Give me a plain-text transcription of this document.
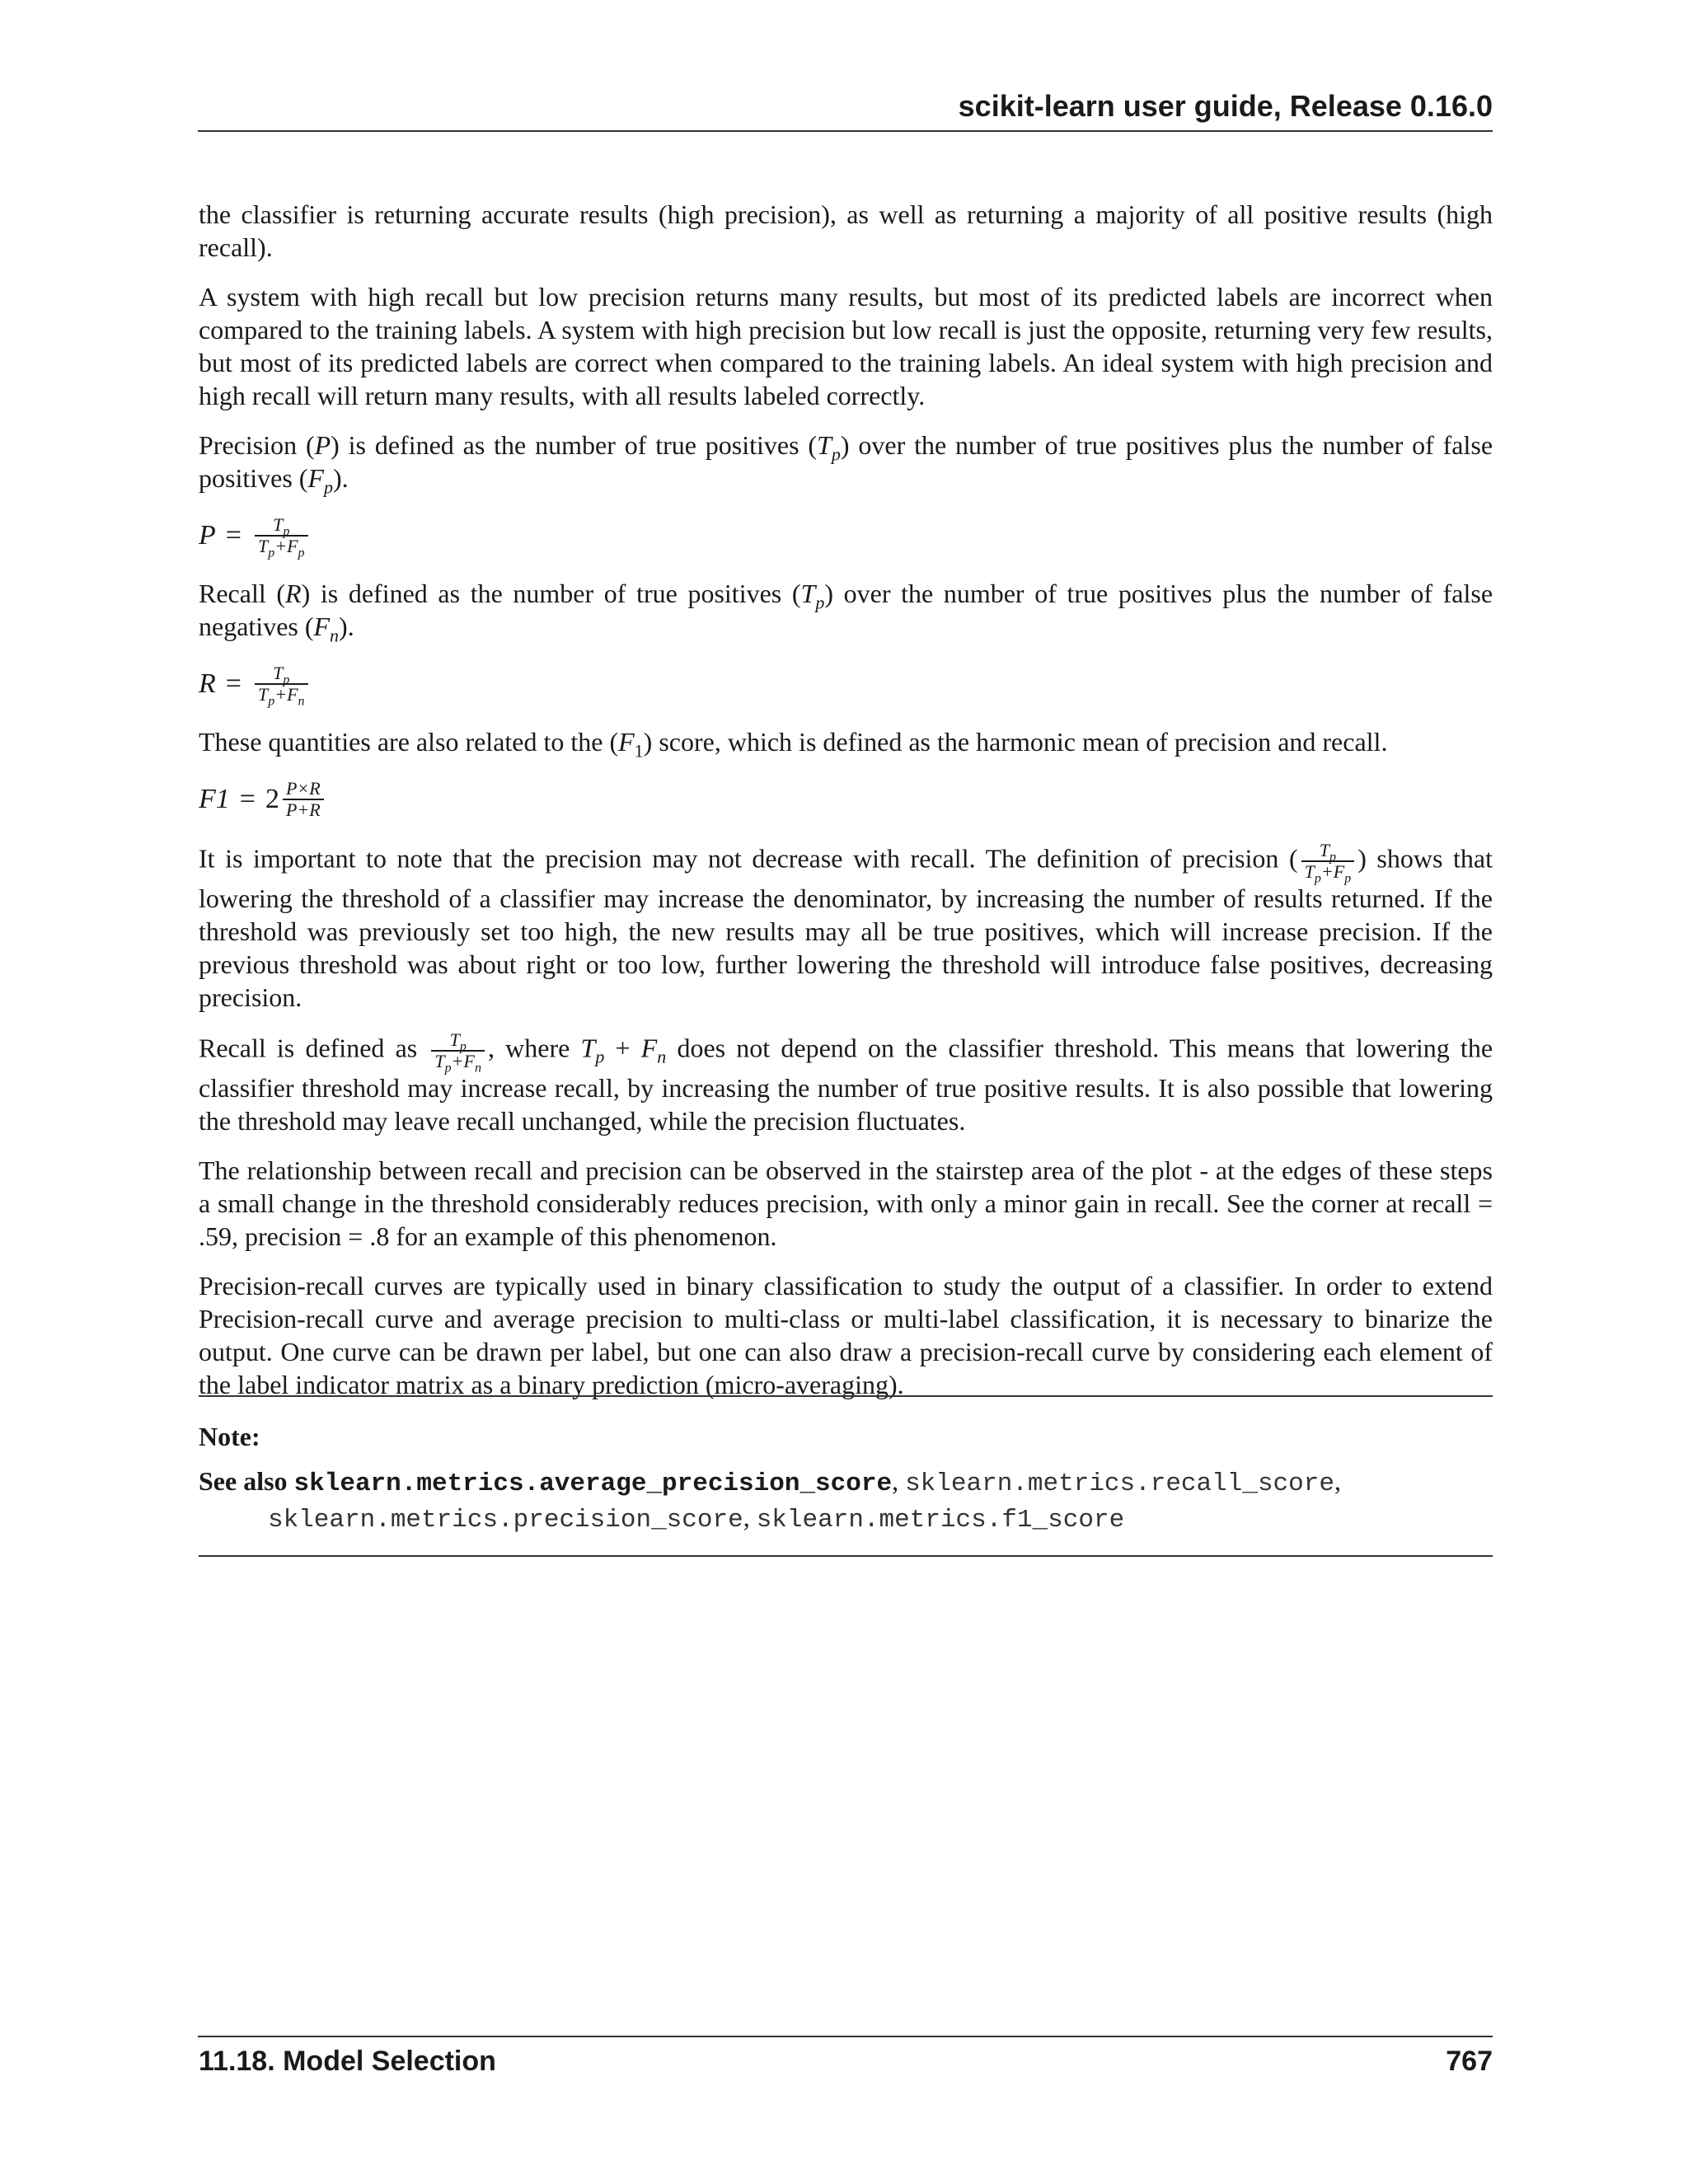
scikit-learn user guide, Release 0.16.0

the classifier is returning accurate results (high precision), as well as returning a majority of all positive results (high recall).

A system with high recall but low precision returns many results, but most of its predicted labels are incorrect when compared to the training labels. A system with high precision but low recall is just the opposite, returning very few results, but most of its predicted labels are correct when compared to the training labels. An ideal system with high precision and high recall will return many results, with all results labeled correctly.

Precision (P) is defined as the number of true positives $(T_p)$ over the number of true positives plus the number of false positives $(F_p)$.

$P = \frac{T_p}{T_p+F_p}$

Recall (R) is defined as the number of true positives $(T_p)$ over the number of true positives plus the number of false negatives $(F_n)$.

$R = \frac{T_p}{T_p+F_n}$

These quantities are also related to the $(F_1)$ score, which is defined as the harmonic mean of precision and recall.

$F1 = 2 \frac{P\times R}{P+R}$

It is important to note that the precision may not decrease with recall. The definition of precision ( $\frac{T_p}{T_p+F_p}$ ) shows that lowering the threshold of a classifier may increase the denominator, by increasing the number of results returned. If the threshold was previously set too high, the new results may all be true positives, which will increase precision. If the previous threshold was about right or too low, further lowering the threshold will introduce false positives, decreasing precision.

Recall is defined as $\frac{T_p}{T_p+F_n}$ , where $T_p + F_n$ does not depend on the classifier threshold. This means that lowering the classifier threshold may increase recall, by increasing the number of true positive results. It is also possible that lowering the threshold may leave recall unchanged, while the precision fluctuates.

The relationship between recall and precision can be observed in the stairstep area of the plot - at the edges of these steps a small change in the threshold considerably reduces precision, with only a minor gain in recall. See the corner at recall = .59, precision = .8 for an example of this phenomenon.

Precision-recall curves are typically used in binary classification to study the output of a classifier. In order to extend Precision-recall curve and average precision to multi-class or multi-label classification, it is necessary to binarize the output. One curve can be drawn per label, but one can also draw a precision-recall curve by considering each element of the label indicator matrix as a binary prediction (micro-averaging).

Note:
See also sklearn.metrics.average_precision_score, sklearn.metrics.recall_score,
sklearn.metrics.precision_score, sklearn.metrics.f1_score
11.18. Model Selection	767
